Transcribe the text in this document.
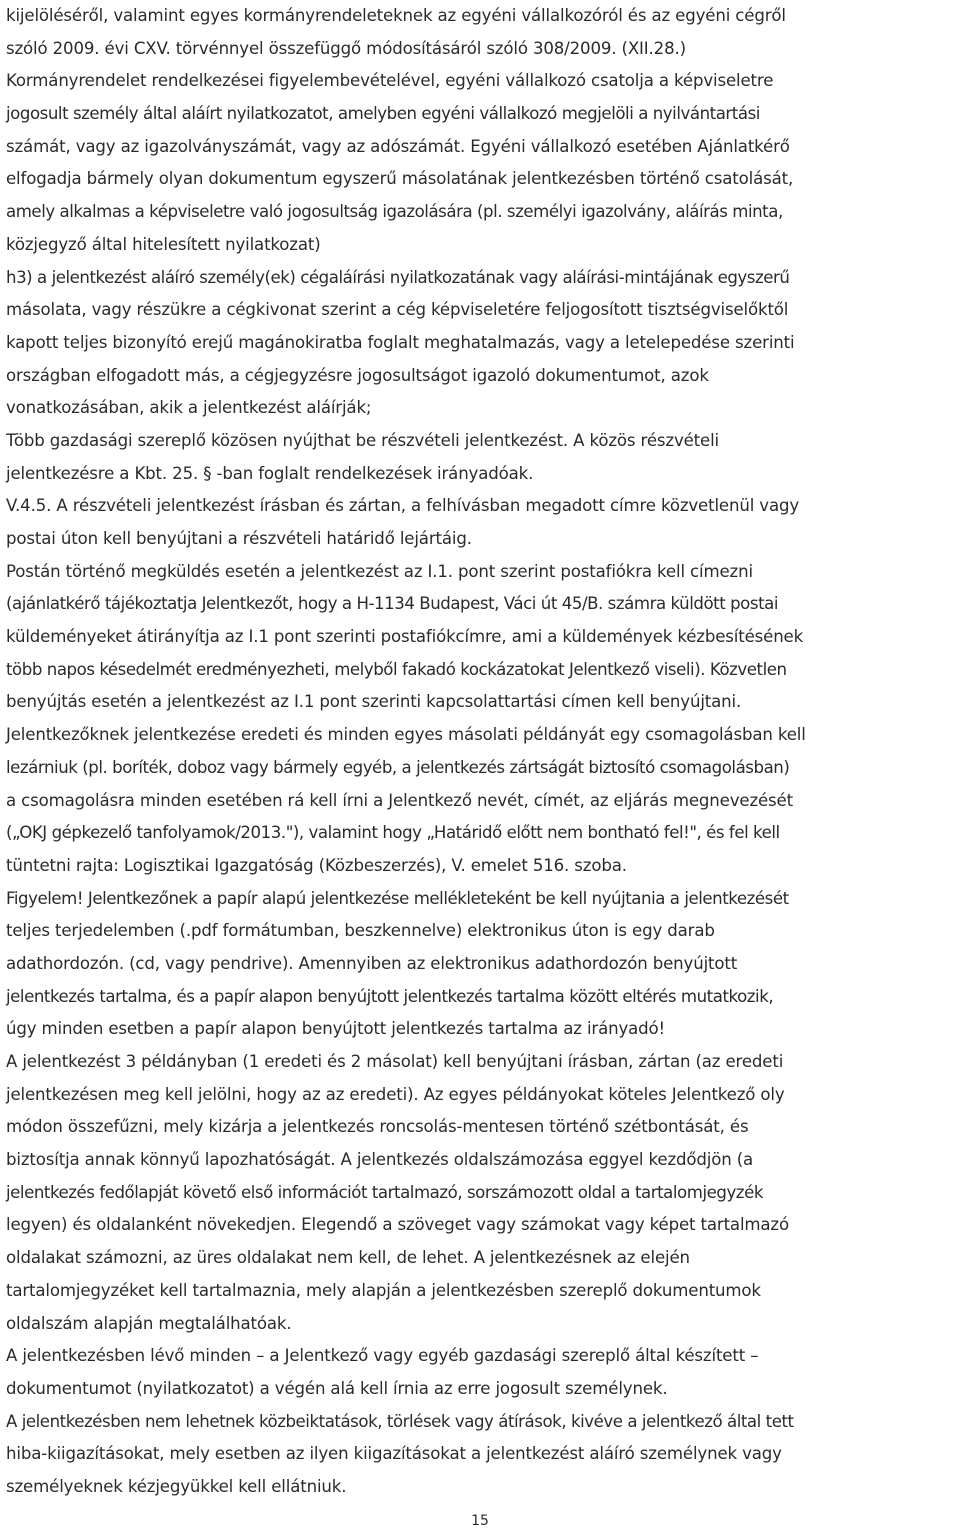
kijelöléséről, valamint egyes kormányrendeleteknek az egyéni vállalkozóról és az egyéni cégről
szóló 2009. évi CXV. törvénnyel összefüggő módosításáról szóló 308/2009. (XII.28.)
Kormányrendelet rendelkezései figyelembevételével, egyéni vállalkozó csatolja a képviseletre
jogosult személy által aláírt nyilatkozatot, amelyben egyéni vállalkozó megjelöli a nyilvántartási
számát, vagy az igazolványszámát, vagy az adószámát. Egyéni vállalkozó esetében Ajánlatkérő
elfogadja bármely olyan dokumentum egyszerű másolatának jelentkezésben történő csatolását,
amely alkalmas a képviseletre való jogosultság igazolására (pl. személyi igazolvány, aláírás minta,
közjegyző által hitelesített nyilatkozat)
h3) a jelentkezést aláíró személy(ek) cégaláírási nyilatkozatának vagy aláírási-mintájának egyszerű
másolata, vagy részükre a cégkivonat szerint a cég képviseletére feljogosított tisztségviselőktől
kapott teljes bizonyító erejű magánokiratba foglalt meghatalmazás, vagy a letelepedése szerinti
országban elfogadott más, a cégjegyzésre jogosultságot igazoló dokumentumot, azok
vonatkozásában, akik a jelentkezést aláírják;
Több gazdasági szereplő közösen nyújthat be részvételi jelentkezést. A közös részvételi
jelentkezésre a Kbt. 25. § -ban foglalt rendelkezések irányadóak.
V.4.5. A részvételi jelentkezést írásban és zártan, a felhívásban megadott címre közvetlenül vagy
postai úton kell benyújtani a részvételi határidő lejártáig.
Postán történő megküldés esetén a jelentkezést az I.1. pont szerint postafiókra kell címezni
(ajánlatkérő tájékoztatja Jelentkezőt, hogy a H-1134 Budapest, Váci út 45/B. számra küldött postai
küldeményeket átirányítja az I.1 pont szerinti postafiókcímre, ami a küldemények kézbesítésének
több napos késedelmét eredményezheti, melyből fakadó kockázatokat Jelentkező viseli). Közvetlen
benyújtás esetén a jelentkezést az I.1 pont szerinti kapcsolattartási címen kell benyújtani.
Jelentkezőknek jelentkezése eredeti és minden egyes másolati példányát egy csomagolásban kell
lezárniuk (pl. boríték, doboz vagy bármely egyéb, a jelentkezés zártságát biztosító csomagolásban)
a csomagolásra minden esetében rá kell írni a Jelentkező nevét, címét, az eljárás megnevezését
(„OKJ gépkezelő tanfolyamok/2013."), valamint hogy „Határidő előtt nem bontható fel!", és fel kell
tüntetni rajta: Logisztikai Igazgatóság (Közbeszerzés), V. emelet 516. szoba.
Figyelem! Jelentkezőnek a papír alapú jelentkezése mellékleteként be kell nyújtania a jelentkezését
teljes terjedelemben (.pdf formátumban, beszkennelve) elektronikus úton is egy darab
adathordozón. (cd, vagy pendrive). Amennyiben az elektronikus adathordozón benyújtott
jelentkezés tartalma, és a papír alapon benyújtott jelentkezés tartalma között eltérés mutatkozik,
úgy minden esetben a papír alapon benyújtott jelentkezés tartalma az irányadó!
A jelentkezést 3 példányban (1 eredeti és 2 másolat) kell benyújtani írásban, zártan (az eredeti
jelentkezésen meg kell jelölni, hogy az az eredeti). Az egyes példányokat köteles Jelentkező oly
módon összefűzni, mely kizárja a jelentkezés roncsolás-mentesen történő szétbontását, és
biztosítja annak könnyű lapozhatóságát. A jelentkezés oldalszámozása eggyel kezdődjön (a
jelentkezés fedőlapját követő első információt tartalmazó, sorszámozott oldal a tartalomjegyzék
legyen) és oldalanként növekedjen. Elegendő a szöveget vagy számokat vagy képet tartalmazó
oldalakat számozni, az üres oldalakat nem kell, de lehet. A jelentkezésnek az elején
tartalomjegyzéket kell tartalmaznia, mely alapján a jelentkezésben szereplő dokumentumok
oldalszám alapján megtalálhatóak.
A jelentkezésben lévő minden – a Jelentkező vagy egyéb gazdasági szereplő által készített –
dokumentumot (nyilatkozatot) a végén alá kell írnia az erre jogosult személynek.
A jelentkezésben nem lehetnek közbeiktatások, törlések vagy átírások, kivéve a jelentkező által tett
hiba-kiigazításokat, mely esetben az ilyen kiigazításokat a jelentkezést aláíró személynek vagy
személyeknek kézjegyükkel kell ellátniuk.
15
